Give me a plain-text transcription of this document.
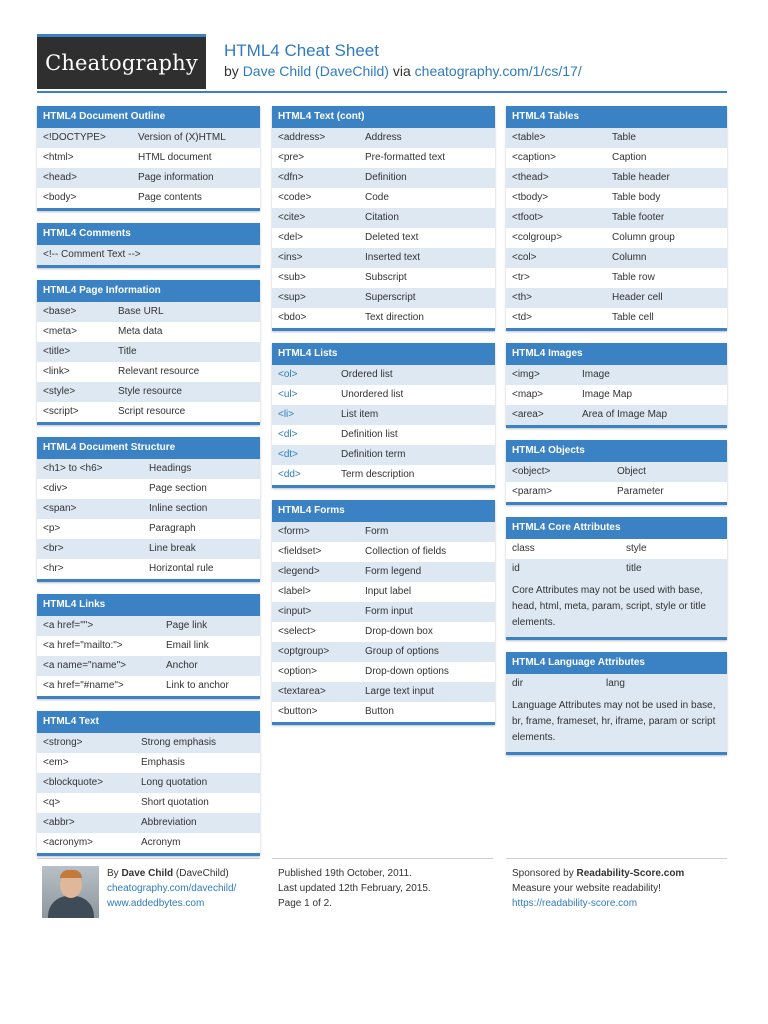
Cheatography
HTML4 Cheat Sheet
by Dave Child (DaveChild) via cheatography.com/1/cs/17/
HTML4 Document Outline
<!DOCTYPE>	Version of (X)HTML
<html>	HTML document
<head>	Page information
<body>	Page contents
HTML4 Comments
<!-- Comment Text -->
HTML4 Page Information
<base>	Base URL
<meta>	Meta data
<title>	Title
<link>	Relevant resource
<style>	Style resource
<script>	Script resource
HTML4 Document Structure
<h1> to <h6>	Headings
<div>	Page section
<span>	Inline section
<p>	Paragraph
<br>	Line break
<hr>	Horizontal rule
HTML4 Links
<a href="">	Page link
<a href="mailto:">	Email link
<a name="name">	Anchor
<a href="#name">	Link to anchor
HTML4 Text
<strong>	Strong emphasis
<em>	Emphasis
<blockquote>	Long quotation
<q>	Short quotation
<abbr>	Abbreviation
<acronym>	Acronym
HTML4 Text (cont)
<address>	Address
<pre>	Pre-formatted text
<dfn>	Definition
<code>	Code
<cite>	Citation
<del>	Deleted text
<ins>	Inserted text
<sub>	Subscript
<sup>	Superscript
<bdo>	Text direction
HTML4 Lists
<ol>	Ordered list
<ul>	Unordered list
<li>	List item
<dl>	Definition list
<dt>	Definition term
<dd>	Term description
HTML4 Forms
<form>	Form
<fieldset>	Collection of fields
<legend>	Form legend
<label>	Input label
<input>	Form input
<select>	Drop-down box
<optgroup>	Group of options
<option>	Drop-down options
<textarea>	Large text input
<button>	Button
HTML4 Tables
<table>	Table
<caption>	Caption
<thead>	Table header
<tbody>	Table body
<tfoot>	Table footer
<colgroup>	Column group
<col>	Column
<tr>	Table row
<th>	Header cell
<td>	Table cell
HTML4 Images
<img>	Image
<map>	Image Map
<area>	Area of Image Map
HTML4 Objects
<object>	Object
<param>	Parameter
HTML4 Core Attributes
class	style
id	title
Core Attributes may not be used with base, head, html, meta, param, script, style or title elements.
HTML4 Language Attributes
dir	lang
Language Attributes may not be used in base, br, frame, frameset, hr, iframe, param or script elements.
By Dave Child (DaveChild)
cheatography.com/davechild/
www.addedbytes.com
Published 19th October, 2011.
Last updated 12th February, 2015.
Page 1 of 2.
Sponsored by Readability-Score.com
Measure your website readability!
https://readability-score.com
